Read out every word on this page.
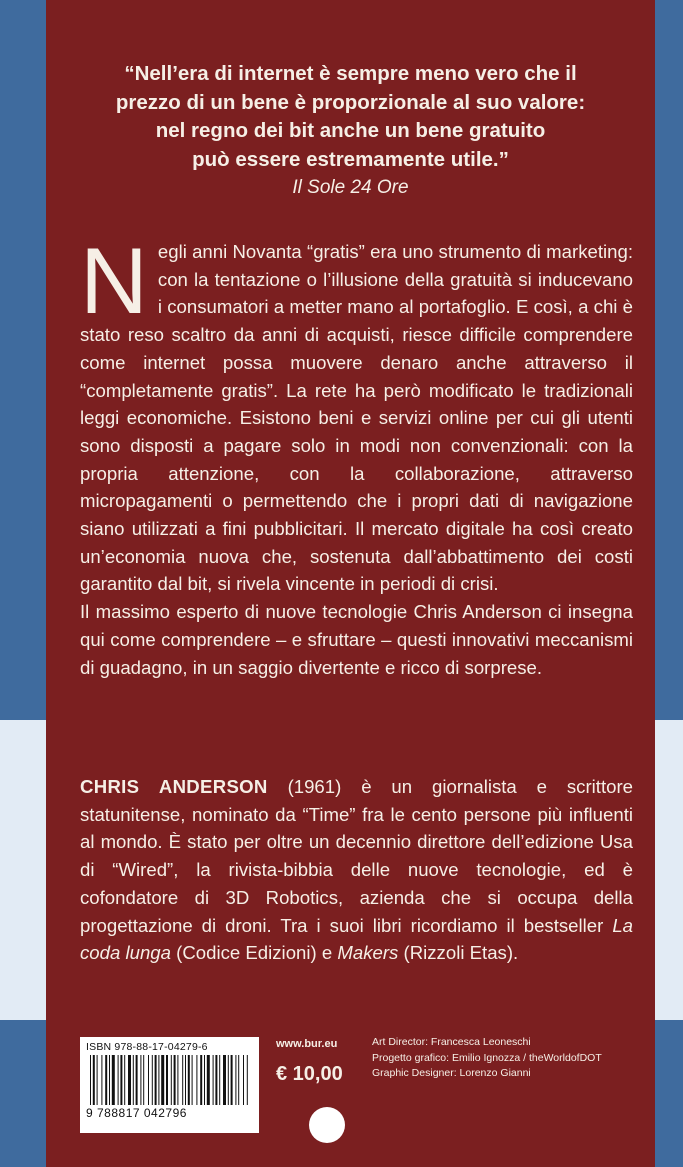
“Nell’era di internet è sempre meno vero che il
prezzo di un bene è proporzionale al suo valore:
nel regno dei bit anche un bene gratuito
può essere estremamente utile.”
Il Sole 24 Ore
N egli anni Novanta “gratis” era uno strumento di marketing: con la tentazione o l’illusione della gratuità si inducevano i consumatori a metter mano al portafoglio. E così, a chi è stato reso scaltro da anni di acquisti, riesce difficile comprendere come internet possa muovere denaro anche attraverso il “completamente gratis”. La rete ha però modificato le tradizionali leggi economiche. Esistono beni e servizi online per cui gli utenti sono disposti a pagare solo in modi non convenzionali: con la propria attenzione, con la collaborazione, attraverso micropagamenti o permettendo che i propri dati di navigazione siano utilizzati a fini pubblicitari. Il mercato digitale ha così creato un’economia nuova che, sostenuta dall’abbattimento dei costi garantito dal bit, si rivela vincente in periodi di crisi.

Il massimo esperto di nuove tecnologie Chris Anderson ci insegna qui come comprendere – e sfruttare – questi innovativi meccanismi di guadagno, in un saggio divertente e ricco di sorprese.

CHRIS ANDERSON (1961) è un giornalista e scrittore statunitense, nominato da “Time” fra le cento persone più influenti al mondo. È stato per oltre un decennio direttore dell’edizione Usa di “Wired”, la rivista-bibbia delle nuove tecnologie, ed è cofondatore di 3D Robotics, azienda che si occupa della progettazione di droni. Tra i suoi libri ricordiamo il bestseller La coda lunga (Codice Edizioni) e Makers (Rizzoli Etas).

ISBN 978-88-17-04279-6
9 788817 042796
www.bur.eu
€ 10,00
Art Director: Francesca Leoneschi
Progetto grafico: Emilio Ignozza / theWorldofDOT
Graphic Designer: Lorenzo Gianni
